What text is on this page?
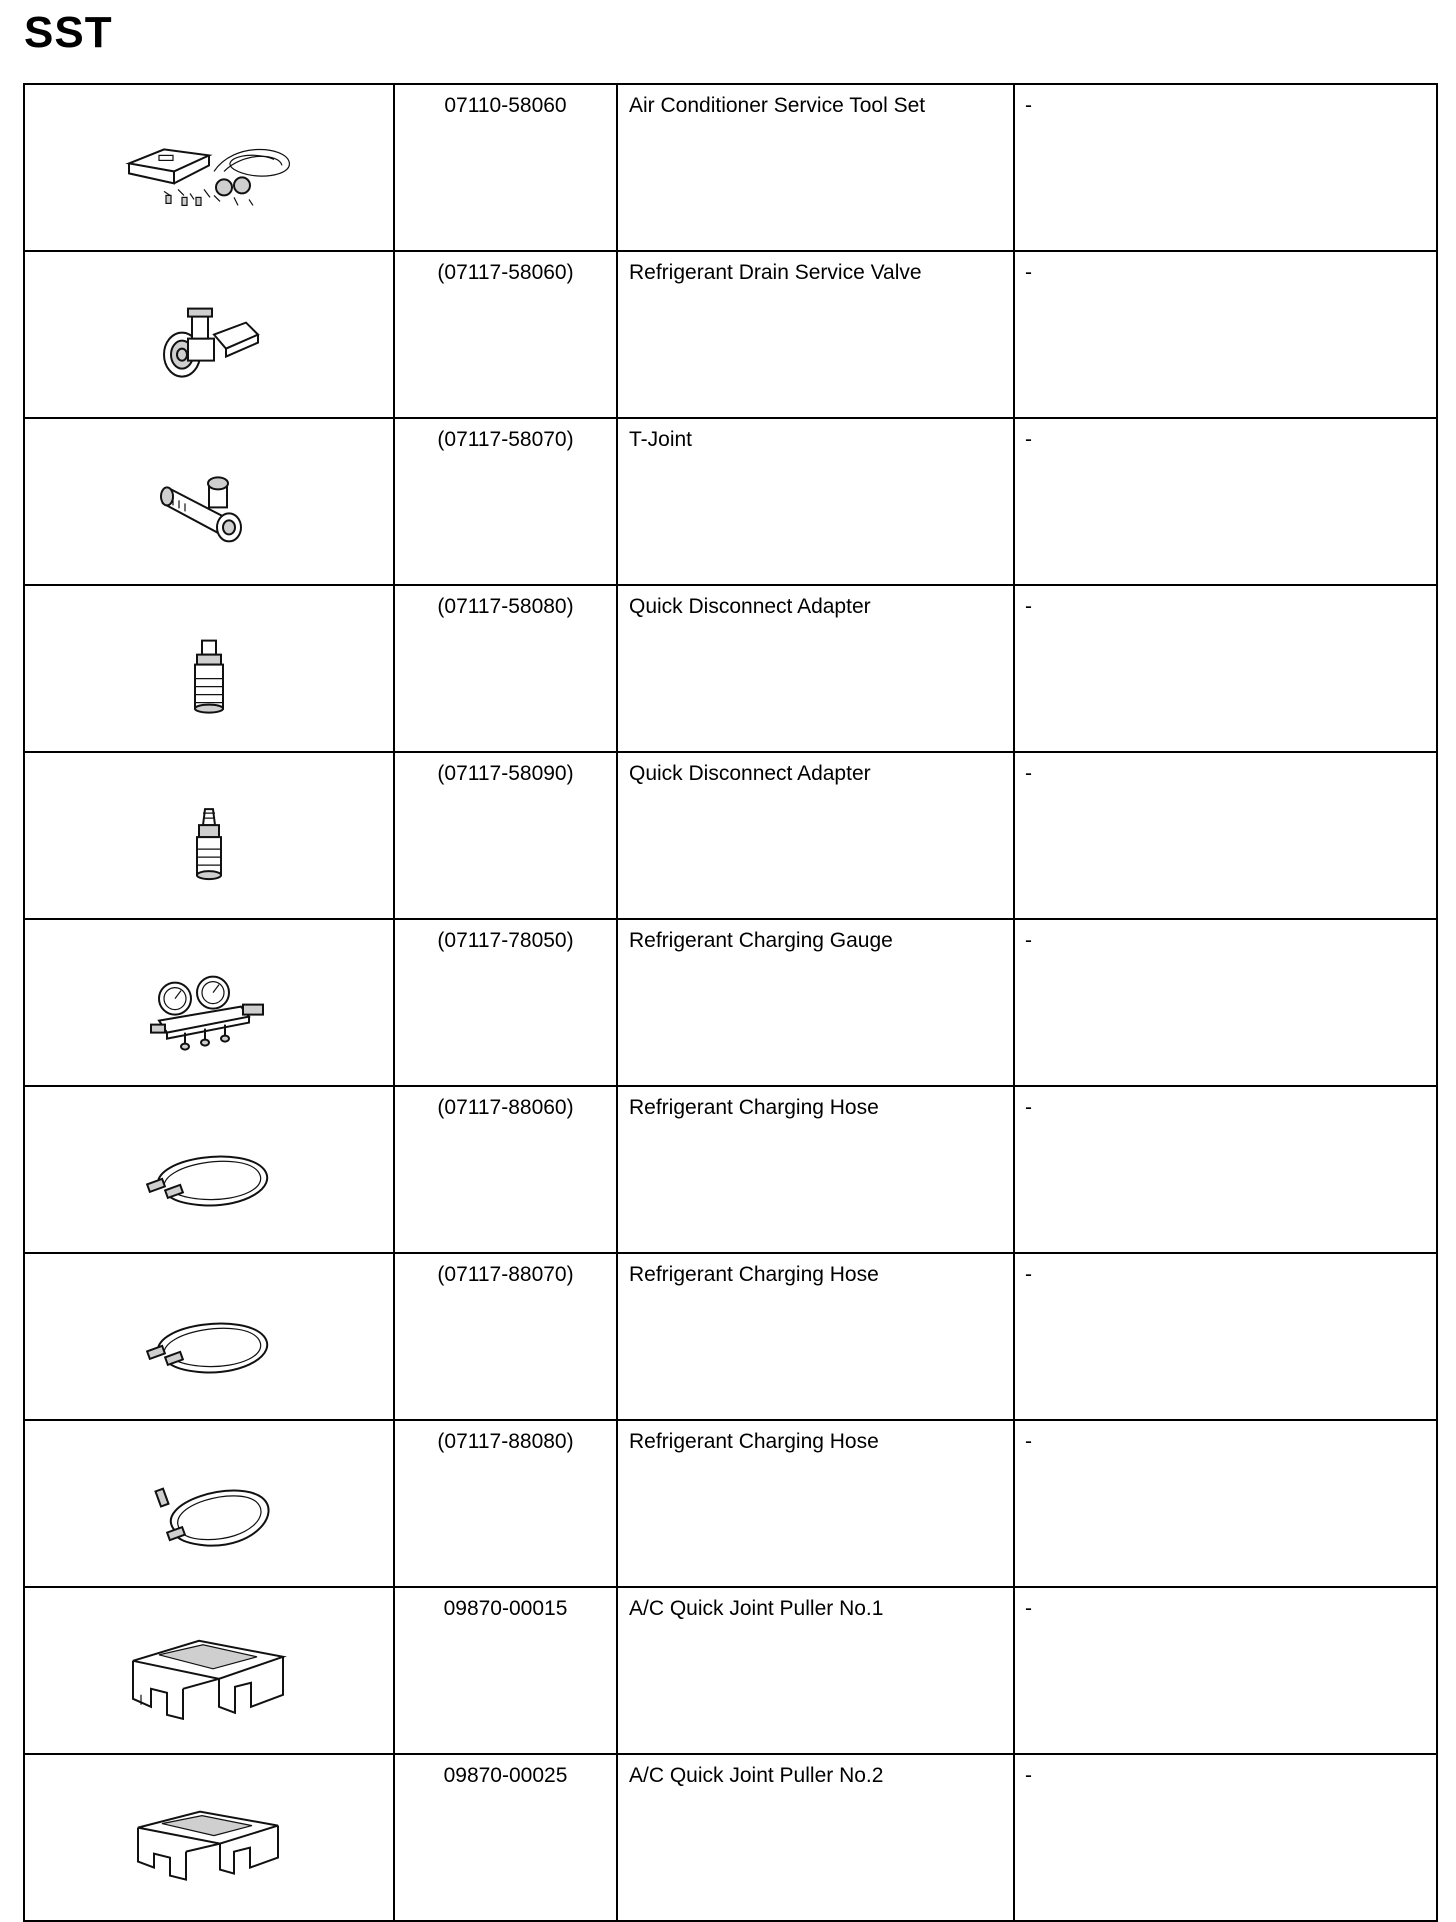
SST
	07110-58060	Air Conditioner Service Tool Set	-

	(07117-58060)	Refrigerant Drain Service Valve	-

	(07117-58070)	T-Joint	-

	(07117-58080)	Quick Disconnect Adapter	-

	(07117-58090)	Quick Disconnect Adapter	-

	(07117-78050)	Refrigerant Charging Gauge	-

	(07117-88060)	Refrigerant Charging Hose	-

	(07117-88070)	Refrigerant Charging Hose	-

	(07117-88080)	Refrigerant Charging Hose	-

	09870-00015	A/C Quick Joint Puller No.1	-

	09870-00025	A/C Quick Joint Puller No.2	-
